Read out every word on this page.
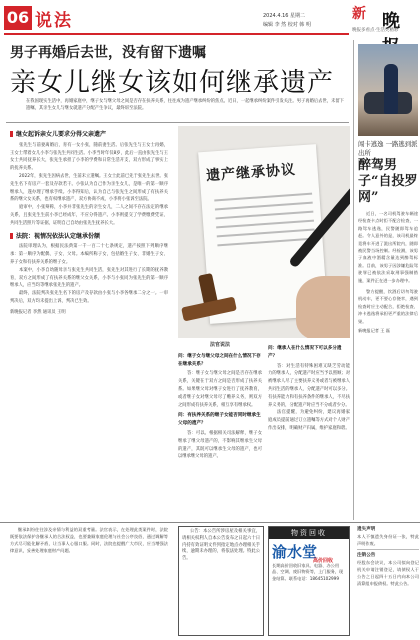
06 说法	2024.4.16 星期二
编辑 李 然 校对 韩 明
新 晚
晚报多看点·生活更精彩
男子再婚后去世，没有留下遗嘱
亲女儿继女该如何继承遗产
在我国现实生活中，再婚家庭中，继子女与继父母之间是否存在扶养关系，往往成为遗产继承纠纷的焦点。近日，一起继承纠纷案件引发关注。男子再婚后去世，未留下遗嘱，其亲生女儿与继女就遗产分配产生争议，最终诉至法院。
继女起诉亲女儿要求分得父亲遗产

张先生与前妻离婚后，育有一女小张，随前妻生活。后张先生与王女士再婚，王女士带着女儿小李与张先生共同生活。小李当时年仅8岁，此后一直由张先生与王女士共同抚养长大，张先生承担了小李的学费和日常生活开支，双方形成了事实上的抚养关系。

2022年，张先生因病去世，生前未立遗嘱。王女士此前已先于张先生去世。张先生名下有房产一套及存款若干。小张认为自己作为亲生女儿，是唯一的第一顺序继承人，遂办理了继承手续。小李得知后，认为自己与张先生之间形成了有扶养关系的继父女关系，也有权继承遗产，双方协商不成，小李将小张诉至法院。

庭审中，小张辩称，小李并非张先生的亲生女儿，二人之间不存在法定的继承关系，且张先生生前小李已经成年，不应分得遗产。小李则提交了学费缴费凭证、共同生活照片等证据，证明自己自幼由张先生抚养长大。

法院：视情况依法认定继承份额

法院审理认为，根据民法典第一千一百二十七条规定，遗产按照下列顺序继承：第一顺序为配偶、子女、父母。本编所称子女，包括婚生子女、非婚生子女、养子女和有扶养关系的继子女。

本案中，小李自幼随母亲与张先生共同生活，张先生对其进行了长期的抚养教育，双方之间形成了有扶养关系的继父女关系，小李与小张同为张先生的第一顺序继承人，应当均等继承张先生的遗产。

最终，法院判决张先生名下的房产及存款由小张与小李各继承二分之一。一审判决后，双方均未提出上诉，判决已生效。

新晚报记者 李然 通讯员 王明

遗产继承协议
法官说法
问：继子女与继父母之间在什么情况下存在继承关系？

答：继子女与继父母之间是否存在继承关系，关键在于双方之间是否形成了扶养关系。如果继父母对继子女进行了抚养教育，或者继子女对继父母尽了赡养义务，则双方之间形成有扶养关系，相互享有继承权。

问：有扶养关系的继子女能否同时继承生父母的遗产？

答：可以。根据相关司法解释，继子女继承了继父母遗产的，不影响其继承生父母的遗产，其既可以继承生父母的遗产，也可以继承继父母的遗产。

问：继承人在什么情况下可以多分遗产？

答：对生活有特殊困难又缺乏劳动能力的继承人，分配遗产时应当予以照顾；对被继承人尽了主要扶养义务或者与被继承人共同生活的继承人，分配遗产时可以多分。有扶养能力和有扶养条件的继承人，不尽扶养义务的，分配遗产时应当不分或者少分。

法官提醒，为避免纠纷，建议再婚家庭成员提前通过订立遗嘱等方式对个人财产作出安排，明确财产归属，维护家庭和谐。

闯卡逃逸 一路逃到派出所
醉驾男子“自投罗网”
近日，一名司机驾驶车辆途经检查卡点时拒不配合检查，一路驾车逃逸，民警随即驾车追赶。令人意外的是，该司机最终竟将车开进了派出所院内，随即被民警当场控制。经检测，该男子血液中酒精含量达到醉驾标准。目前，该男子因涉嫌危险驾驶罪已被依法采取刑事强制措施，案件正在进一步办理中。
警方提醒，饮酒后切勿驾驶机动车，更不要心存侥幸，遇到检查时应主动配合，拒绝检查、冲卡逃逸将承担更严重的法律后果。
新晚报记者 王 磊

继承纠纷往往涉及亲情与利益的双重考量。法官表示，在处理此类案件时，法院既要依法保护各继承人的合法权益，也要兼顾家庭伦理与社会公序良俗，通过调解等方式尽可能化解矛盾，让当事人心服口服。同时，法院也提醒广大市民，应当增强法律意识，妥善处理家庭财产问题。

公告：本公告所涉房屋及相关事宜，请相关权利人自本公告发布之日起六十日内持有效证明文件到指定地点办理相关手续，逾期未办理的，将依法处理。特此公告。

物资回收
渝水堂
高价回收
长期高价回收旧家具、电器、办公用品、空调、废旧物资等，上门服务，现金结算。联系电话：18645102999
遗失声明
本人不慎遗失身份证一张，特此声明作废。
注销公告
经股东会决议，本公司拟向登记机关申请注销登记，请债权人于公告之日起四十五日内向本公司清算组申报债权。特此公告。
